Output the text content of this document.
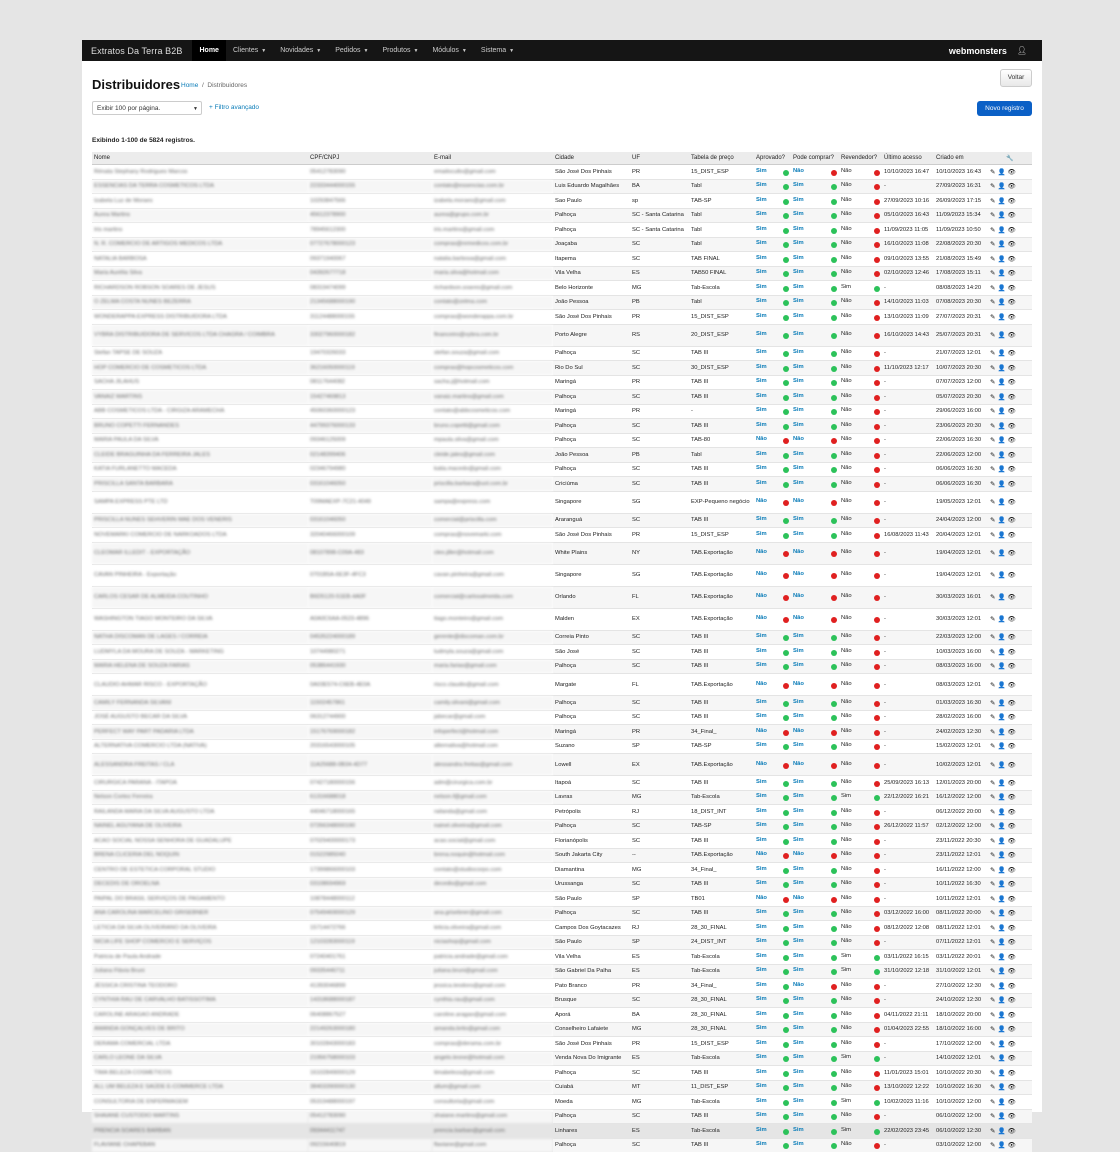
Extratos Da Terra B2B	Home Clientes ▼ Novidades ▼ Pedidos ▼ Produtos ▼ Módulos ▼ Sistema ▼	webmonsters 👤︎
Distribuidores Home  /  Distribuidores
Voltar
Exibir 100 por página.	▼ + Filtro avançado	Novo registro
Exibindo 1-100 de 5824 registros.
Nome	CPF/CNPJ	E-mail	Cidade	UF	Tabela de preço	Aprovado?	Pode comprar?	Revendedor?	Último acesso	Criado em	🔧
Rénata Stephany Rodrigues Marcos	05412783090	emailoculto@gmail.com	São José Dos Pinhais	PR	15_DIST_ESP	Sim	Não	Não	10/10/2023 16:47	10/10/2023 16:43	✎👤👁
ESSENCIAS DA TERRA COSMETICOS LTDA	22333444000155	contato@essencias.com.br	Luis Eduardo Magalhães	BA	Tabl	Sim	Sim	Não	-	27/09/2023 16:31	✎👤👁
Izabela Luz de Moraes	10293847566	izabela.moraes@gmail.com	Sao Paulo	sp	TAB-SP	Sim	Sim	Não	27/09/2023 10:16	26/09/2023 17:15	✎👤👁
Aurea Martins	45612378900	aurea@grupo.com.br	Palhoça	SC - Santa Catarina	Tabl	Sim	Sim	Não	05/10/2023 16:43	11/09/2023 15:34	✎👤👁
Iris martins	78945612300	iris.martins@gmail.com	Palhoça	SC - Santa Catarina	Tabl	Sim	Sim	Não	11/09/2023 11:05	11/09/2023 10:50	✎👤👁
N. R. COMERCIO DE ARTIGOS MEDICOS LTDA	07727678000123	compras@nrmedicos.com.br	Joaçaba	SC	Tabl	Sim	Sim	Não	16/10/2023 11:08	22/08/2023 20:30	✎👤👁
NATALIA BARBOSA	09371940067	natalia.barbosa@gmail.com	Itapema	SC	TAB FINAL	Sim	Sim	Não	09/10/2023 13:55	21/08/2023 15:49	✎👤👁
Maria Aurélia Silva	04392677718	maria.silva@hotmail.com	Vila Velha	ES	TAB50 FINAL	Sim	Sim	Não	02/10/2023 12:46	17/08/2023 15:11	✎👤👁
RICHARDSON ROBSON SOARES DE JESUS	08319474099	richardson.soares@gmail.com	Belo Horizonte	MG	Tab-Escola	Sim	Sim	Sim	-	08/08/2023 14:20	✎👤👁
O ZELMA COSTA NUNES BEZERRA	21345688000190	contato@zelma.com	João Pessoa	PB	Tabl	Sim	Sim	Não	14/10/2023 11:03	07/08/2023 20:30	✎👤👁
WONDERAPPA EXPRESS DISTRIBUIDORA LTDA	31124488000155	compras@wonderappa.com.br	São José Dos Pinhais	PR	15_DIST_ESP	Sim	Sim	Não	13/10/2023 11:09	27/07/2023 20:31	✎👤👁
VYBRA DISTRIBUIDORA DE SERVICOS LTDA CHAGRA / COIMBRA	33027960000182	financeiro@vybra.com.br	Porto Alegre	RS	20_DIST_ESP	Sim	Sim	Não	16/10/2023 14:43	25/07/2023 20:31	✎👤👁
Stefan TAPSE DE SOUZA	19470326033	stefan.souza@gmail.com	Palhoça	SC	TAB III	Sim	Sim	Não	-	21/07/2023 12:01	✎👤👁
HOP COMERCIO DE COSMETICOS LTDA	36216050000119	compras@hopcosmeticos.com	Rio Do Sul	SC	30_DIST_ESP	Sim	Sim	Não	11/10/2023 12:17	10/07/2023 20:30	✎👤👁
SACHA JILAHUS	08117644082	sacha.j@hotmail.com	Maringá	PR	TAB III	Sim	Sim	Não	-	07/07/2023 12:00	✎👤👁
VANAIZ MARTINS	15427469813	vanaiz.martins@gmail.com	Palhoça	SC	TAB III	Sim	Sim	Não	-	05/07/2023 20:30	✎👤👁
ABB COSMETICOS LTDA - CIRGIZA ARAMECHA	45060360000123	contato@abbcosmeticos.com	Maringá	PR	-	Sim	Sim	Não	-	29/06/2023 16:00	✎👤👁
BRUNO COPETTI FERNANDES	44799376000133	bruno.copetti@gmail.com	Palhoça	SC	TAB III	Sim	Sim	Não	-	23/06/2023 20:30	✎👤👁
MARIA PAULA DA SILVA	09346125009	mpaula.silva@gmail.com	Palhoça	SC	TAB-80	Não	Não	Não	-	22/06/2023 16:30	✎👤👁
CLEIDE BRAGUINHA DA FERREIRA JALES	02148399406	cleide.jales@gmail.com	João Pessoa	PB	Tabl	Sim	Sim	Não	-	22/06/2023 12:00	✎👤👁
KATIA FURLANETTO MACEDA	02346794980	katia.macedo@gmail.com	Palhoça	SC	TAB III	Sim	Sim	Não	-	06/06/2023 16:30	✎👤👁
PRISCILLA SANTA BARBARA	03161046050	priscilla.barbara@uol.com.br	Criciúma	SC	TAB III	Sim	Sim	Não	-	06/06/2023 16:30	✎👤👁
SAMPA EXPRESS PTE LTD	T09MAEXP-7C21-4049	sampa@express.com	Singapore	SG	EXP-Pequeno negócio	Não	Não	Não	-	19/05/2023 12:01	✎👤👁
PRISCILLA NUNES SEHVERIN MAE DOS VENERIS	03161046050	comercial@priscilla.com	Araranguá	SC	TAB III	Sim	Sim	Não	-	24/04/2023 12:00	✎👤👁
NOVEMARKI COMERCIO DE NARKOADOS LTDA	32040466000109	compras@novemarki.com	São José Dos Pinhais	PR	15_DIST_ESP	Sim	Sim	Não	16/08/2023 11:43	20/04/2023 12:01	✎👤👁
CLEOMAR ILLEDIT - EXPORTAÇÃO	08107898-C09A-483	cleo.jiller@hotmail.com	White Plains	NY	TAB.Exportação	Não	Não	Não	-	19/04/2023 12:01	✎👤👁
CAVAN PINHEIRA - Exportação	0701B5A-6E3F-4FC3	cavan.pinheira@gmail.com	Singapore	SG	TAB.Exportação	Não	Não	Não	-	19/04/2023 12:01	✎👤👁
CARLOS CESAR DE ALMEIDA COUTINHO	B6D5120-51EB-4A0F	comercial@carlosalmeida.com	Orlando	FL	TAB.Exportação	Não	Não	Não	-	30/03/2023 16:01	✎👤👁
WASHINGTON TIAGO MONTEIRO DA SILVA	A0A0C6AA-0523-4896	tiago.monteiro@gmail.com	Malden	EX	TAB.Exportação	Não	Não	Não	-	30/03/2023 12:01	✎👤👁
NATHA DISCOMAN DE LAGES / CORREIA	04535224000189	gerente@discoman.com.br	Correia Pinto	SC	TAB III	Sim	Sim	Não	-	22/03/2023 12:00	✎👤👁
LUDMYLA DA MOURA DE SOUZA - MARKETING	10744980271	ludmyla.souza@gmail.com	São José	SC	TAB III	Sim	Sim	Não	-	10/03/2023 16:00	✎👤👁
MARIA HELENA DE SOUZA FARIAS	05386441930	maria.farias@gmail.com	Palhoça	SC	TAB III	Sim	Sim	Não	-	08/03/2023 16:00	✎👤👁
CLAUDIO AHMAR RISCO - EXPORTAÇÃO	0A03E574-C6EB-4E0A	risco.claudio@gmail.com	Margate	FL	TAB.Exportação	Não	Não	Não	-	08/03/2023 12:01	✎👤👁
CAMILY FERNANDA SILVANI	11502457861	camily.silvani@gmail.com	Palhoça	SC	TAB III	Sim	Sim	Não	-	01/03/2023 16:30	✎👤👁
JOSÉ AUGUSTO BECAR DA SILVA	06312744900	jabecar@gmail.com	Palhoça	SC	TAB III	Sim	Sim	Não	-	28/02/2023 16:00	✎👤👁
PERFECT WAY PART PADARIA LTDA	15176769000182	infoperfect@hotmail.com	Maringá	PR	34_Final_	Não	Não	Não	-	24/02/2023 12:30	✎👤👁
ALTERNATIVA COMERCIO LTDA (NATIVA)	20316543000105	alternativa@hotmail.com	Suzano	SP	TAB-SP	Sim	Sim	Não	-	15/02/2023 12:01	✎👤👁
ALESSANDRA FREITAS / CLA	11A25688-0B34-4D77	alessandra.freitas@gmail.com	Lowell	EX	TAB.Exportação	Não	Não	Não	-	10/02/2023 12:01	✎👤👁
CIRURGICA PARANA - ITAPOA	07427180000156	adm@cirurgica.com.br	Itapoá	SC	TAB III	Sim	Sim	Não	25/09/2023 16:13	12/01/2023 20:00	✎👤👁
Nelson Cortez Ferreira	61316688018	nelson.f@gmail.com	Lavras	MG	Tab-Escola	Sim	Sim	Sim	22/12/2022 16:21	16/12/2022 12:00	✎👤👁
RAILANDA MARIA DA SILVA AUGUSTO LTDA	44046718000165	railanda@gmail.com	Petrópolis	RJ	18_DIST_INT	Sim	Sim	Não	-	06/12/2022 20:00	✎👤👁
NAINEL AGUYANA DE OLIVEIRA	07266348000190	nainel.oliveira@gmail.com	Palhoça	SC	TAB-SP	Sim	Sim	Não	26/12/2022 11:57	02/12/2022 12:00	✎👤👁
ACAO SOCIAL NOSSA SENHORA DE GUADALUPE	07029400000173	acao.social@gmail.com	Florianópolis	SC	TAB III	Sim	Sim	Não	-	23/11/2022 20:30	✎👤👁
BRENA CLICERIA DEL NOQUIN	01522985040	brena.noquin@hotmail.com	South Jakarta City	--	TAB.Exportação	Não	Não	Não	-	23/11/2022 12:01	✎👤👁
CENTRO DE ESTETICA CORPORAL STUDIO	17399866000103	contato@studiocorpo.com	Diamantina	MG	34_Final_	Sim	Sim	Não	-	16/11/2022 12:00	✎👤👁
DECEDIS DE OROELNA	03108694969	decedis@gmail.com	Urussanga	SC	TAB III	Sim	Sim	Não	-	10/11/2022 16:30	✎👤👁
PAIPAL DO BRASIL SERVIÇOS DE PAGAMENTO	10878448000112		São Paulo	SP	TB01	Não	Não	Não	-	10/11/2022 12:01	✎👤👁
ANA CAROLINA MARCELINO GRISEBNER	07549469000129	ana.grisebner@gmail.com	Palhoça	SC	TAB III	Sim	Sim	Não	03/12/2022 16:00	08/11/2022 20:00	✎👤👁
LETICIA DA SILVA OLIVEIRANO DA OLIVEIRA	15714472766	leticia.oliveira@gmail.com	Campos Dos Goytacazes	RJ	28_30_FINAL	Sim	Sim	Não	08/12/2022 12:08	08/11/2022 12:01	✎👤👁
NICIA LIFE SHOP COMERCIO E SERVIÇOS	12103283000119	niciashop@gmail.com	São Paulo	SP	24_DIST_INT	Sim	Sim	Não	-	07/11/2022 12:01	✎👤👁
Patricia de Paula Andrade	07240401761	patricia.andrade@gmail.com	Vila Velha	ES	Tab-Escola	Sim	Sim	Sim	03/11/2022 16:15	03/11/2022 20:01	✎👤👁
Juliana Flávia Bruni	09335446711	juliana.bruni@gmail.com	São Gabriel Da Palha	ES	Tab-Escola	Sim	Sim	Sim	31/10/2022 12:18	31/10/2022 12:01	✎👤👁
JÉSSICA CRISTINA TEODORO	41393046899	jessica.teodoro@gmail.com	Pato Branco	PR	34_Final_	Sim	Não	Não	-	27/10/2022 12:30	✎👤👁
CYNTHIA RAU DE CARVALHO BATISSOTIMA	14318688000187	cynthia.rau@gmail.com	Brusque	SC	28_30_FINAL	Sim	Sim	Não	-	24/10/2022 12:30	✎👤👁
CAROLINE ARAGAO ANDRADE	06408867527	caroline.aragao@gmail.com	Aporá	BA	28_30_FINAL	Sim	Sim	Não	04/11/2022 21:11	18/10/2022 20:00	✎👤👁
AMANDA GONÇALVES DE BRITO	22149263000180	amanda.brito@gmail.com	Conselheiro Lafaiete	MG	28_30_FINAL	Sim	Sim	Não	01/04/2023 22:55	18/10/2022 16:00	✎👤👁
DERAMA COMERCIAL LTDA	30102843000183	compras@derama.com.br	São José Dos Pinhais	PR	15_DIST_ESP	Sim	Sim	Não	-	17/10/2022 12:00	✎👤👁
CARLO LEONE DA SILVA	21956758000103	angelo.leone@hotmail.com	Venda Nova Do Imigrante	ES	Tab-Escola	Sim	Sim	Sim	-	14/10/2022 12:01	✎👤👁
TIMA BELEZA COSMETICOS	16102849000129	timabeleza@gmail.com	Palhoça	SC	TAB III	Sim	Sim	Não	11/01/2023 15:01	10/10/2022 20:30	✎👤👁
ALL UM BELEZA E SAÚDE E-COMMERCE LTDA	38403390000130	allum@gmail.com	Cuiabá	MT	11_DIST_ESP	Sim	Sim	Não	13/10/2022 12:22	10/10/2022 16:30	✎👤👁
CONSULTORIA DE ENFERMAGEM	05319488000197	consultoria@gmail.com	Moeda	MG	Tab-Escola	Sim	Sim	Sim	10/02/2023 11:16	10/10/2022 12:00	✎👤👁
SHAIANE CUSTODIO MARTINS	05412783090	shaiane.martins@gmail.com	Palhoça	SC	TAB III	Sim	Sim	Não	-	06/10/2022 12:00	✎👤👁
PRENCIA SOARES BARBAN	09344411747	prencia.barban@gmail.com	Linhares	ES	Tab-Escola	Sim	Sim	Sim	22/02/2023 23:45	06/10/2022 12:30	✎👤👁
FLAVIANE CHAPEBAN	09215640819	flaviane@gmail.com	Palhoça	SC	TAB III	Sim	Sim	Não	-	03/10/2022 12:00	✎👤👁
